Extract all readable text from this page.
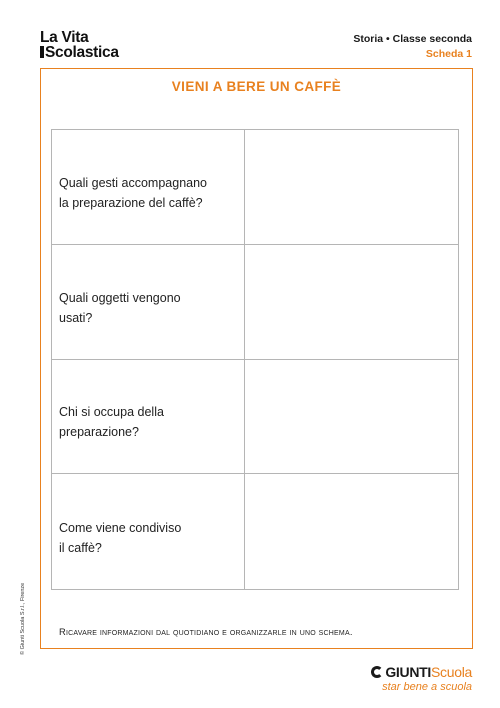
La Vita
Scolastica
Storia • Classe seconda
Scheda 1
VIENI A BERE UN CAFFÈ
Quali gesti accompagnano
la preparazione del caffè?
Quali oggetti vengono
usati?
Chi si occupa della
preparazione?
Come viene condiviso
il caffè?
Ricavare informazioni dal quotidiano e organizzarle in uno schema.
© Giunti Scuola S.r.l., Firenze
GIUNTIScuola
star bene a scuola
